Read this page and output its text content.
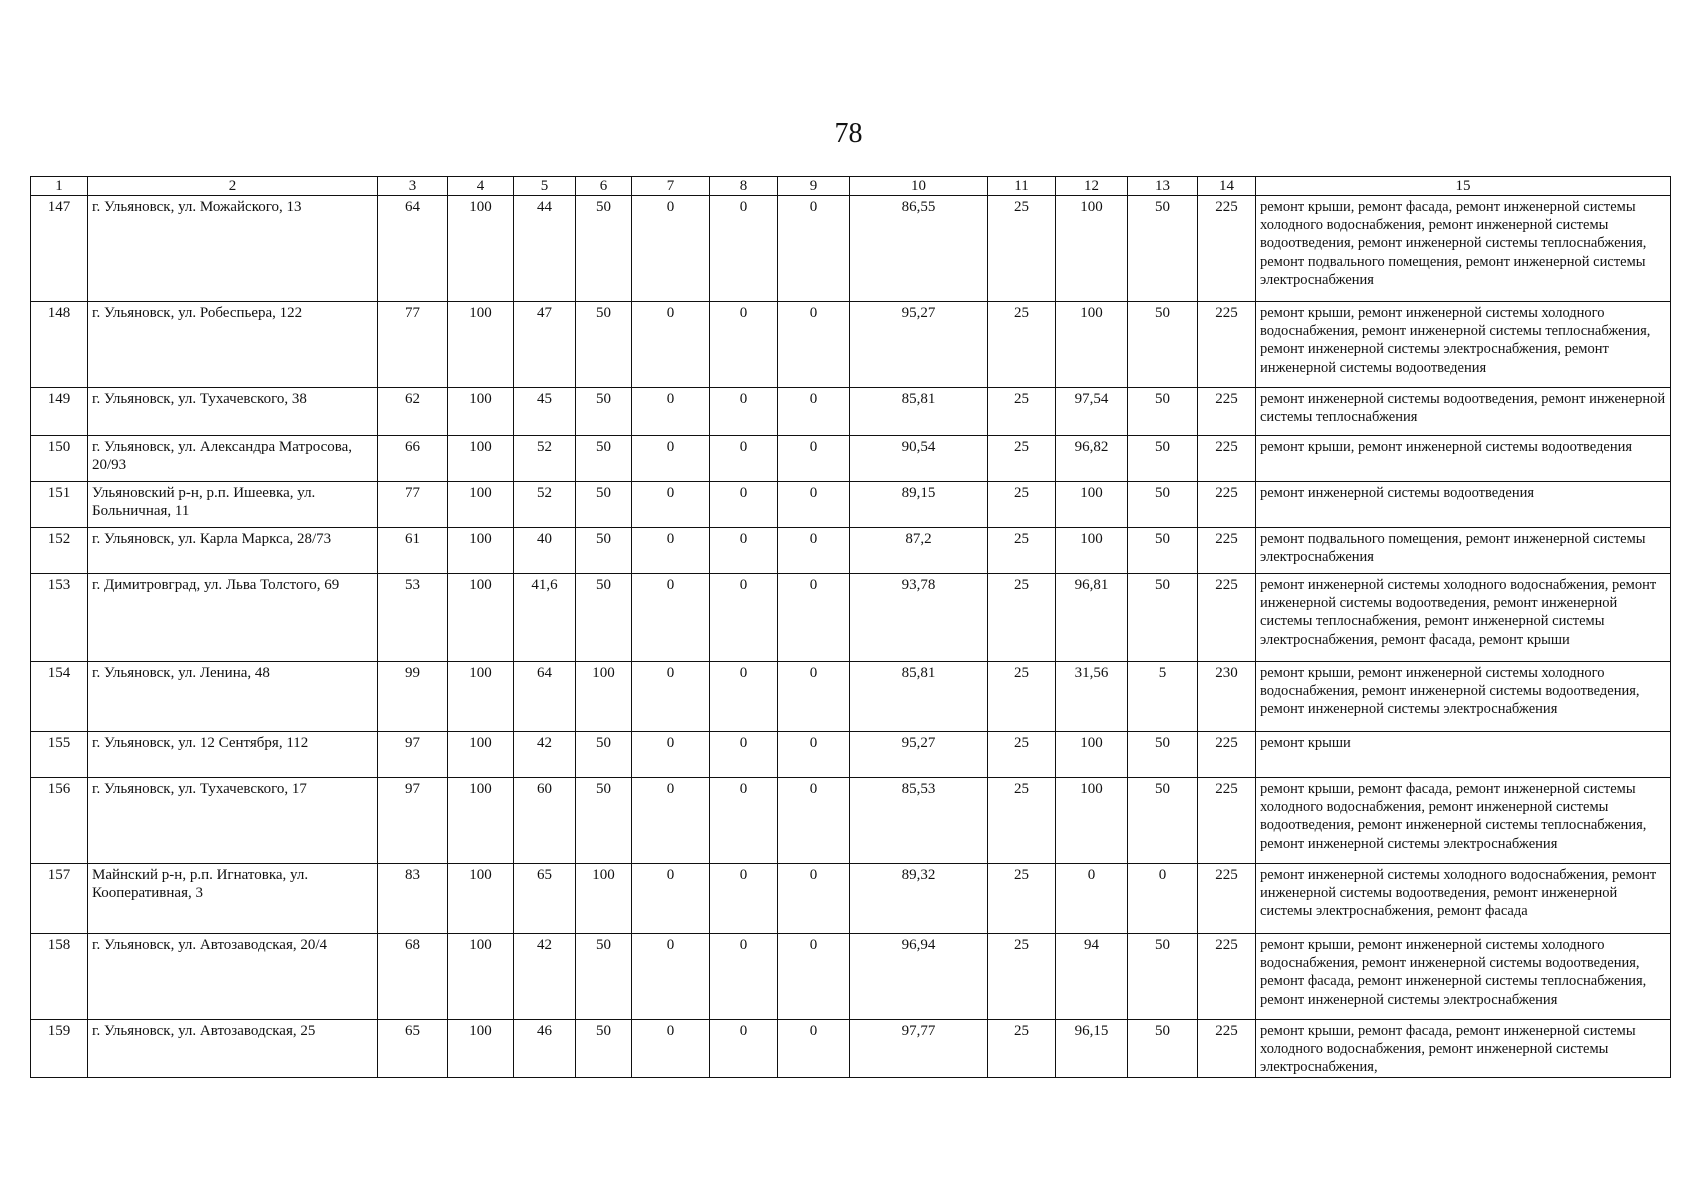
78
1	2	3	4	5	6	7	8	9	10	11	12	13	14	15
147	г. Ульяновск, ул. Можайского, 13	64	100	44	50	0	0	0	86,55	25	100	50	225	ремонт крыши, ремонт фасада, ремонт инженерной системы холодного водоснабжения, ремонт инженерной системы водоотведения, ремонт инженерной системы теплоснабжения, ремонт подвального помещения, ремонт инженерной системы электроснабжения
148	г. Ульяновск, ул. Робеспьера, 122	77	100	47	50	0	0	0	95,27	25	100	50	225	ремонт крыши, ремонт инженерной системы холодного водоснабжения, ремонт инженерной системы теплоснабжения, ремонт инженерной системы электроснабжения, ремонт инженерной системы водоотведения
149	г. Ульяновск, ул. Тухачевского, 38	62	100	45	50	0	0	0	85,81	25	97,54	50	225	ремонт инженерной системы водоотведения, ремонт инженерной системы теплоснабжения
150	г. Ульяновск, ул. Александра Матросова, 20/93	66	100	52	50	0	0	0	90,54	25	96,82	50	225	ремонт крыши, ремонт инженерной системы водоотведения
151	Ульяновский р-н, р.п. Ишеевка, ул. Больничная, 11	77	100	52	50	0	0	0	89,15	25	100	50	225	ремонт инженерной системы водоотведения
152	г. Ульяновск, ул. Карла Маркса, 28/73	61	100	40	50	0	0	0	87,2	25	100	50	225	ремонт подвального помещения, ремонт инженерной системы электроснабжения
153	г. Димитровград, ул. Льва Толстого, 69	53	100	41,6	50	0	0	0	93,78	25	96,81	50	225	ремонт инженерной системы холодного водоснабжения, ремонт инженерной системы водоотведения, ремонт инженерной системы теплоснабжения, ремонт инженерной системы электроснабжения, ремонт фасада, ремонт крыши
154	г. Ульяновск, ул. Ленина, 48	99	100	64	100	0	0	0	85,81	25	31,56	5	230	ремонт крыши, ремонт инженерной системы холодного водоснабжения, ремонт инженерной системы водоотведения, ремонт инженерной системы электроснабжения
155	г. Ульяновск, ул. 12 Сентября, 112	97	100	42	50	0	0	0	95,27	25	100	50	225	ремонт крыши
156	г. Ульяновск, ул. Тухачевского, 17	97	100	60	50	0	0	0	85,53	25	100	50	225	ремонт крыши, ремонт фасада, ремонт инженерной системы холодного водоснабжения, ремонт инженерной системы водоотведения, ремонт инженерной системы теплоснабжения, ремонт инженерной системы электроснабжения
157	Майнский р-н, р.п. Игнатовка, ул. Кооперативная, 3	83	100	65	100	0	0	0	89,32	25	0	0	225	ремонт инженерной системы холодного водоснабжения, ремонт инженерной системы водоотведения, ремонт инженерной системы электроснабжения, ремонт фасада
158	г. Ульяновск, ул. Автозаводская, 20/4	68	100	42	50	0	0	0	96,94	25	94	50	225	ремонт крыши, ремонт инженерной системы холодного водоснабжения, ремонт инженерной системы водоотведения, ремонт фасада, ремонт инженерной системы теплоснабжения, ремонт инженерной системы электроснабжения
159	г. Ульяновск, ул. Автозаводская, 25	65	100	46	50	0	0	0	97,77	25	96,15	50	225	ремонт крыши, ремонт фасада, ремонт инженерной системы холодного водоснабжения, ремонт инженерной системы электроснабжения,
